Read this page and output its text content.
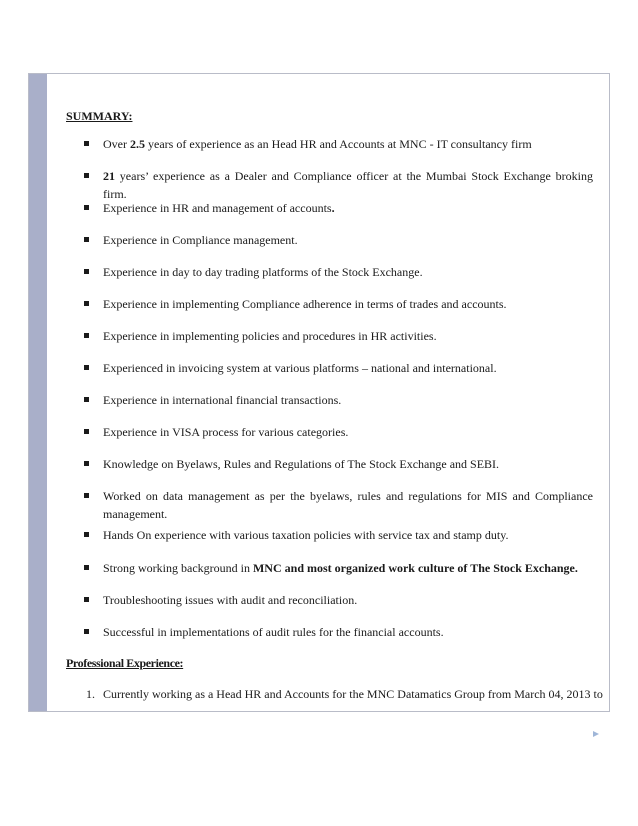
SUMMARY:
Over 2.5 years of experience as an Head HR and Accounts at MNC - IT consultancy firm
21 years’ experience as a Dealer and Compliance officer at the Mumbai Stock Exchange broking firm.
Experience in HR and management of accounts.
Experience in Compliance management.
Experience in day to day trading platforms of the Stock Exchange.
Experience in implementing Compliance adherence in terms of trades and accounts.
Experience in implementing policies and procedures in HR activities.
Experienced in invoicing system at various platforms – national and international.
Experience in international financial transactions.
Experience in VISA process for various categories.
Knowledge on Byelaws, Rules and Regulations of The Stock Exchange and SEBI.
Worked on data management as per the byelaws, rules and regulations for MIS and Compliance management.
Hands On experience with various taxation policies with service tax and stamp duty.
Strong working background in MNC and most organized work culture of The Stock Exchange.
Troubleshooting issues with audit and reconciliation.
Successful in implementations of audit rules for the financial accounts.
Professional Experience:
1. Currently working as a Head HR and Accounts for the MNC Datamatics Group from March 04, 2013 to
